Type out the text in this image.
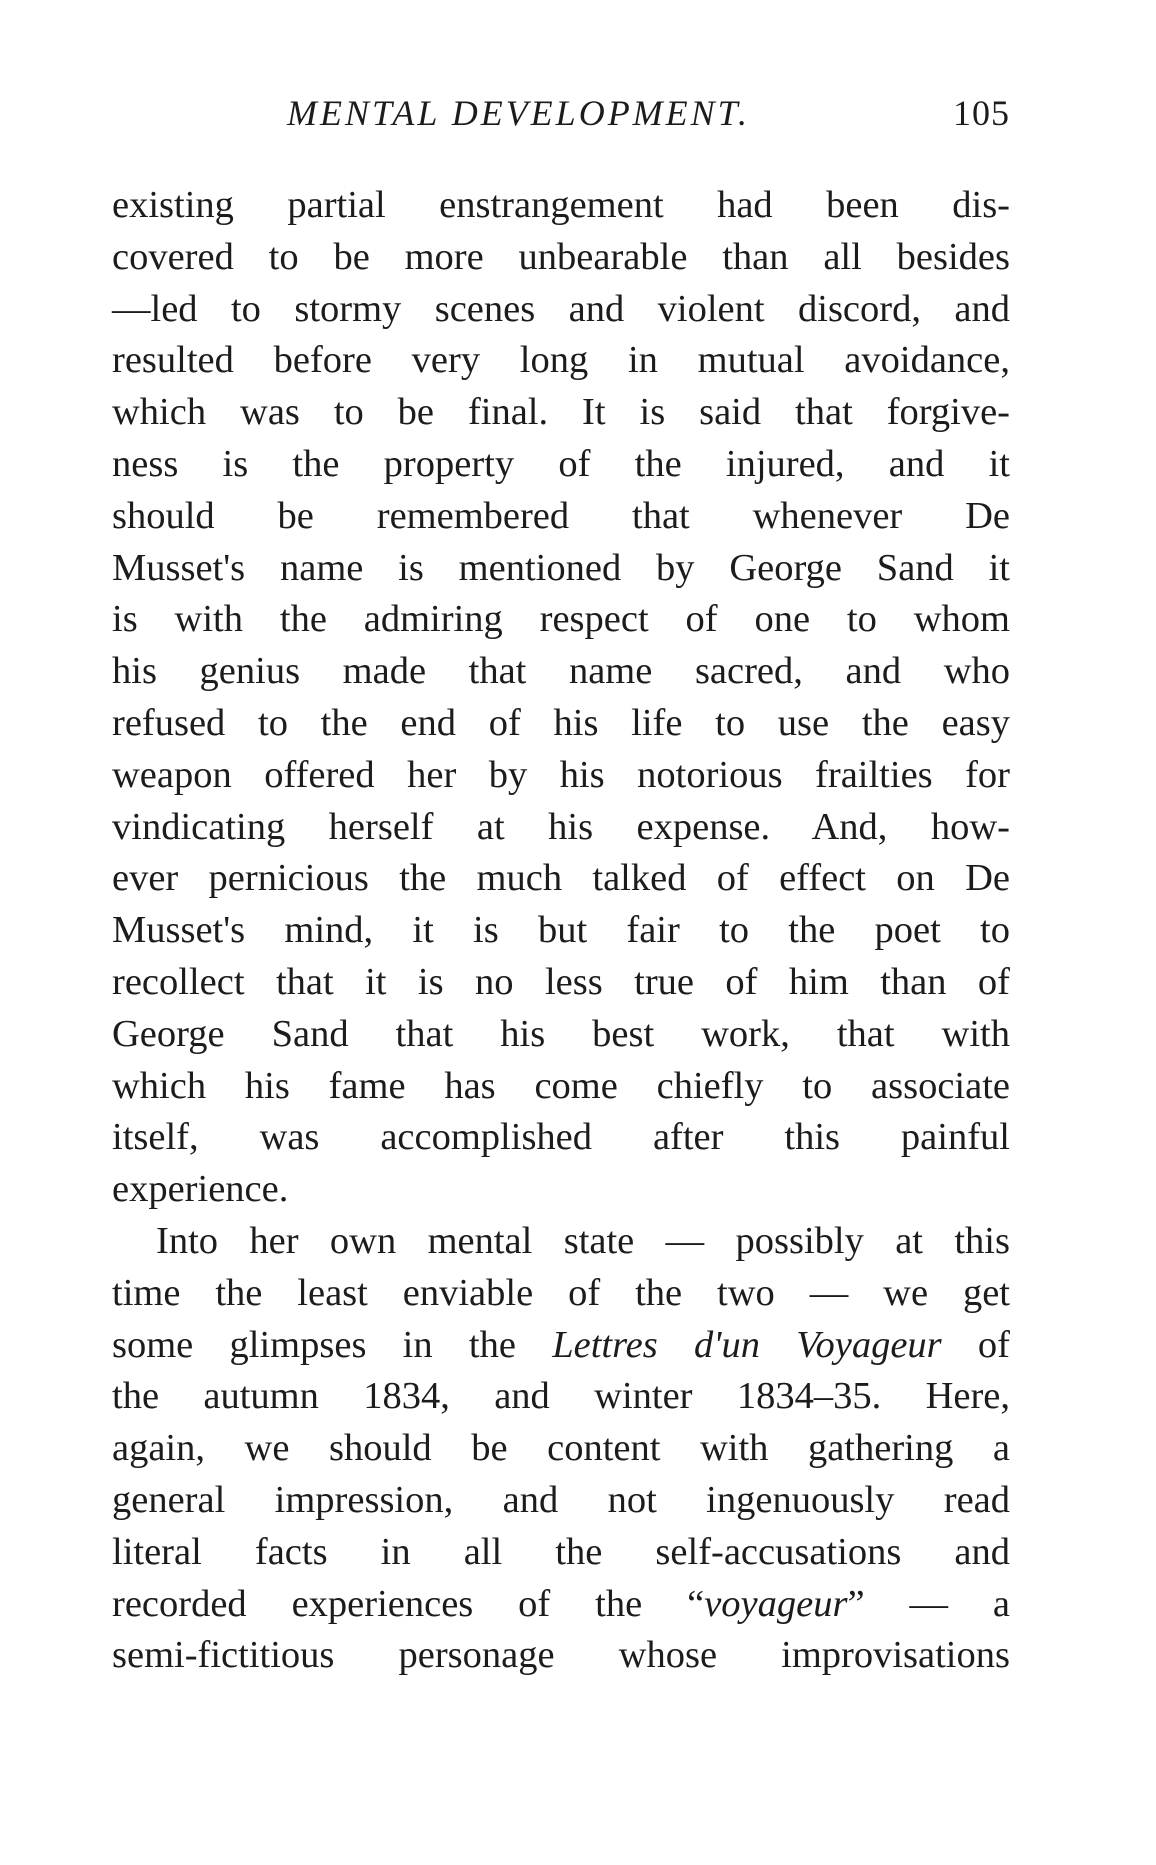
MENTAL DEVELOPMENT.	105
existing partial enstrangement had been dis-
covered to be more unbearable than all besides
—led to stormy scenes and violent discord, and
resulted before very long in mutual avoidance,
which was to be final. It is said that forgive-
ness is the property of the injured, and it
should be remembered that whenever De
Musset's name is mentioned by George Sand it
is with the admiring respect of one to whom
his genius made that name sacred, and who
refused to the end of his life to use the easy
weapon offered her by his notorious frailties for
vindicating herself at his expense. And, how-
ever pernicious the much talked of effect on De
Musset's mind, it is but fair to the poet to
recollect that it is no less true of him than of
George Sand that his best work, that with
which his fame has come chiefly to associate
itself, was accomplished after this painful
experience.
Into her own mental state — possibly at this
time the least enviable of the two — we get
some glimpses in the Lettres d'un Voyageur of
the autumn 1834, and winter 1834–35. Here,
again, we should be content with gathering a
general impression, and not ingenuously read
literal facts in all the self-accusations and
recorded experiences of the “voyageur” — a
semi-fictitious personage whose improvisations
